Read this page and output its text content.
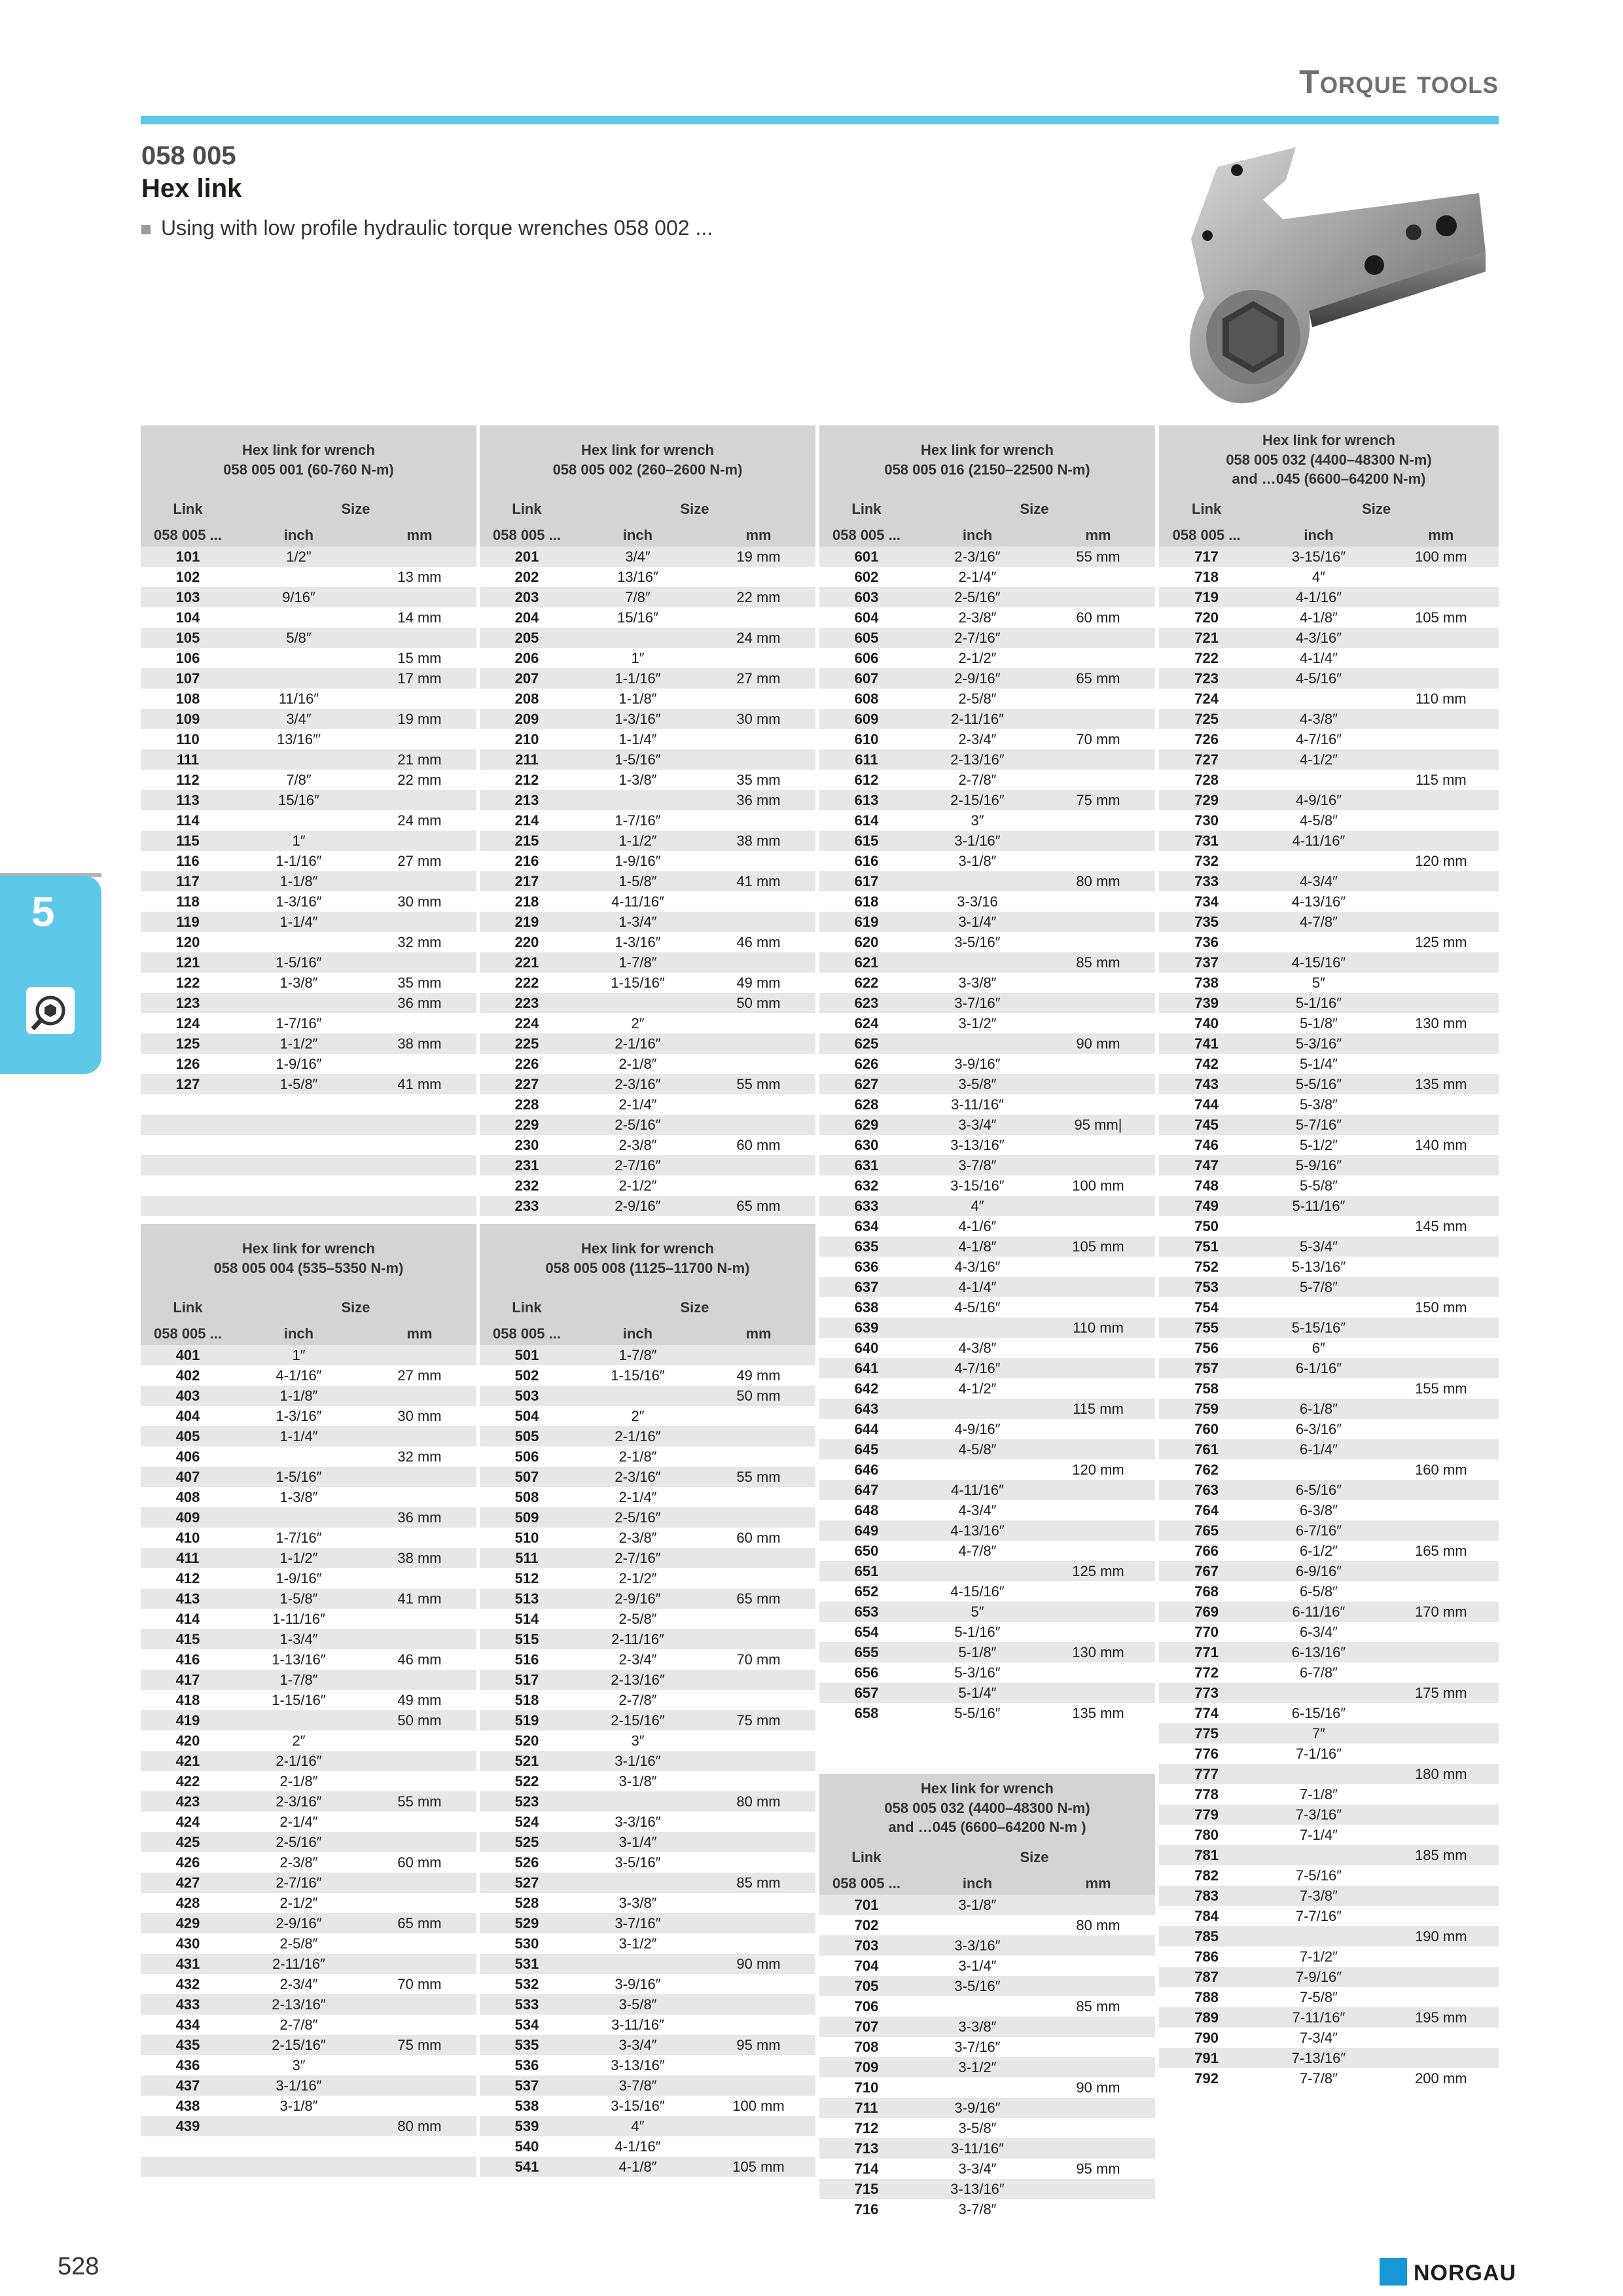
Torque tools
058 005
Hex link
Using with low profile hydraulic torque wrenches 058 002 ...
5
Hex link for wrench
058 005 001 (60-760 N-m)		

Link	Size	
058 005 ...	inch	mm
101	1/2"	
102		13 mm
103	9/16″	
104		14 mm
105	5/8″	
106		15 mm
107		17 mm
108	11/16″	
109	3/4″	19 mm
110	13/16″′	
111		21 mm
112	7/8″	22 mm
113	15/16″	
114		24 mm
115	1″	
116	1-1/16″	27 mm
117	1-1/8″	
118	1-3/16″	30 mm
119	1-1/4″	
120		32 mm
121	1-5/16″	
122	1-3/8″	35 mm
123		36 mm
124	1-7/16″	
125	1-1/2″	38 mm
126	1-9/16″	
127	1-5/8″	41 mm

Hex link for wrench
058 005 002 (260–2600 N-m)		

Link	Size	
058 005 ...	inch	mm
201	3/4″	19 mm
202	13/16″	
203	7/8″	22 mm
204	15/16″	
205		24 mm
206	1″	
207	1-1/16″	27 mm
208	1-1/8″	
209	1-3/16″	30 mm
210	1-1/4″	
211	1-5/16″	
212	1-3/8″	35 mm
213		36 mm
214	1-7/16″	
215	1-1/2″	38 mm
216	1-9/16″	
217	1-5/8″	41 mm
218	4-11/16″	
219	1-3/4″	
220	1-3/16″	46 mm
221	1-7/8″	
222	1-15/16″	49 mm
223		50 mm
224	2″	
225	2-1/16″	
226	2-1/8″	
227	2-3/16″	55 mm
228	2-1/4″	
229	2-5/16″	
230	2-3/8″	60 mm
231	2-7/16″	
232	2-1/2″	
233	2-9/16″	65 mm
Hex link for wrench
058 005 016 (2150–22500 N-m)		

Link	Size	
058 005 ...	inch	mm
601	2-3/16″	55 mm
602	2-1/4″	
603	2-5/16″	
604	2-3/8″	60 mm
605	2-7/16″	
606	2-1/2″	
607	2-9/16″	65 mm
608	2-5/8″	
609	2-11/16″	
610	2-3/4″	70 mm
611	2-13/16″	
612	2-7/8″	
613	2-15/16″	75 mm
614	3″	
615	3-1/16″	
616	3-1/8″	
617		80 mm
618	3-3/16	
619	3-1/4″	
620	3-5/16″	
621		85 mm
622	3-3/8″	
623	3-7/16″	
624	3-1/2″	
625		90 mm
626	3-9/16″	
627	3-5/8″	
628	3-11/16″	
629	3-3/4″	95 mm|
630	3-13/16″	
631	3-7/8″	
632	3-15/16″	100 mm
633	4″	
634	4-1/6″	
635	4-1/8″	105 mm
636	4-3/16″	
637	4-1/4″	
638	4-5/16″	
639		110 mm
640	4-3/8″	
641	4-7/16″	
642	4-1/2″	
643		115 mm
644	4-9/16″	
645	4-5/8″	
646		120 mm
647	4-11/16″	
648	4-3/4″	
649	4-13/16″	
650	4-7/8″	
651		125 mm
652	4-15/16″	
653	5″	
654	5-1/16″	
655	5-1/8″	130 mm
656	5-3/16″	
657	5-1/4″	
658	5-5/16″	135 mm
Hex link for wrench
058 005 032 (4400–48300 N-m)
and …045 (6600–64200 N-m)		

Link	Size	
058 005 ...	inch	mm
717	3-15/16″	100 mm
718	4″	
719	4-1/16″	
720	4-1/8″	105 mm
721	4-3/16″	
722	4-1/4″	
723	4-5/16″	
724		110 mm
725	4-3/8″	
726	4-7/16″	
727	4-1/2″	
728		115 mm
729	4-9/16″	
730	4-5/8″	
731	4-11/16″	
732		120 mm
733	4-3/4″	
734	4-13/16″	
735	4-7/8″	
736		125 mm
737	4-15/16″	
738	5″	
739	5-1/16″	
740	5-1/8″	130 mm
741	5-3/16″	
742	5-1/4″	
743	5-5/16″	135 mm
744	5-3/8″	
745	5-7/16″	
746	5-1/2″	140 mm
747	5-9/16″	
748	5-5/8″	
749	5-11/16″	
750		145 mm
751	5-3/4″	
752	5-13/16″	
753	5-7/8″	
754		150 mm
755	5-15/16″	
756	6″	
757	6-1/16″	
758		155 mm
759	6-1/8″	
760	6-3/16″	
761	6-1/4″	
762		160 mm
763	6-5/16″	
764	6-3/8″	
765	6-7/16″	
766	6-1/2″	165 mm
767	6-9/16″	
768	6-5/8″	
769	6-11/16″	170 mm
770	6-3/4″	
771	6-13/16″	
772	6-7/8″	
773		175 mm
774	6-15/16″	
775	7″	
776	7-1/16″	
777		180 mm
778	7-1/8″	
779	7-3/16″	
780	7-1/4″	
781		185 mm
782	7-5/16″	
783	7-3/8″	
784	7-7/16″	
785		190 mm
786	7-1/2″	
787	7-9/16″	
788	7-5/8″	
789	7-11/16″	195 mm
790	7-3/4″	
791	7-13/16″	
792	7-7/8″	200 mm
Hex link for wrench
058 005 004 (535–5350 N-m)		

Link	Size	
058 005 ...	inch	mm
401	1″	
402	4-1/16″	27 mm
403	1-1/8″	
404	1-3/16″	30 mm
405	1-1/4″	
406		32 mm
407	1-5/16″	
408	1-3/8″	
409		36 mm
410	1-7/16″	
411	1-1/2″	38 mm
412	1-9/16″	
413	1-5/8″	41 mm
414	1-11/16″	
415	1-3/4″	
416	1-13/16″	46 mm
417	1-7/8″	
418	1-15/16″	49 mm
419		50 mm
420	2″	
421	2-1/16″	
422	2-1/8″	
423	2-3/16″	55 mm
424	2-1/4″	
425	2-5/16″	
426	2-3/8″	60 mm
427	2-7/16″	
428	2-1/2″	
429	2-9/16″	65 mm
430	2-5/8″	
431	2-11/16″	
432	2-3/4″	70 mm
433	2-13/16″	
434	2-7/8″	
435	2-15/16″	75 mm
436	3″	
437	3-1/16″	
438	3-1/8″	
439		80 mm

Hex link for wrench
058 005 008 (1125–11700 N-m)		

Link	Size	
058 005 ...	inch	mm
501	1-7/8″	
502	1-15/16″	49 mm
503		50 mm
504	2″	
505	2-1/16″	
506	2-1/8″	
507	2-3/16″	55 mm
508	2-1/4″	
509	2-5/16″	
510	2-3/8″	60 mm
511	2-7/16″	
512	2-1/2″	
513	2-9/16″	65 mm
514	2-5/8″	
515	2-11/16″	
516	2-3/4″	70 mm
517	2-13/16″	
518	2-7/8″	
519	2-15/16″	75 mm
520	3″	
521	3-1/16″	
522	3-1/8″	
523		80 mm
524	3-3/16″	
525	3-1/4″	
526	3-5/16″	
527		85 mm
528	3-3/8″	
529	3-7/16″	
530	3-1/2″	
531		90 mm
532	3-9/16″	
533	3-5/8″	
534	3-11/16″	
535	3-3/4″	95 mm
536	3-13/16″	
537	3-7/8″	
538	3-15/16″	100 mm
539	4″	
540	4-1/16″	
541	4-1/8″	105 mm
Hex link for wrench
058 005 032 (4400–48300 N-m)
and …045 (6600–64200 N-m )		

Link	Size	
058 005 ...	inch	mm
701	3-1/8″	
702		80 mm
703	3-3/16″	
704	3-1/4″	
705	3-5/16″	
706		85 mm
707	3-3/8″	
708	3-7/16″	
709	3-1/2″	
710		90 mm
711	3-9/16″	
712	3-5/8″	
713	3-11/16″	
714	3-3/4″	95 mm
715	3-13/16″	
716	3-7/8″	
528	NORGAU
